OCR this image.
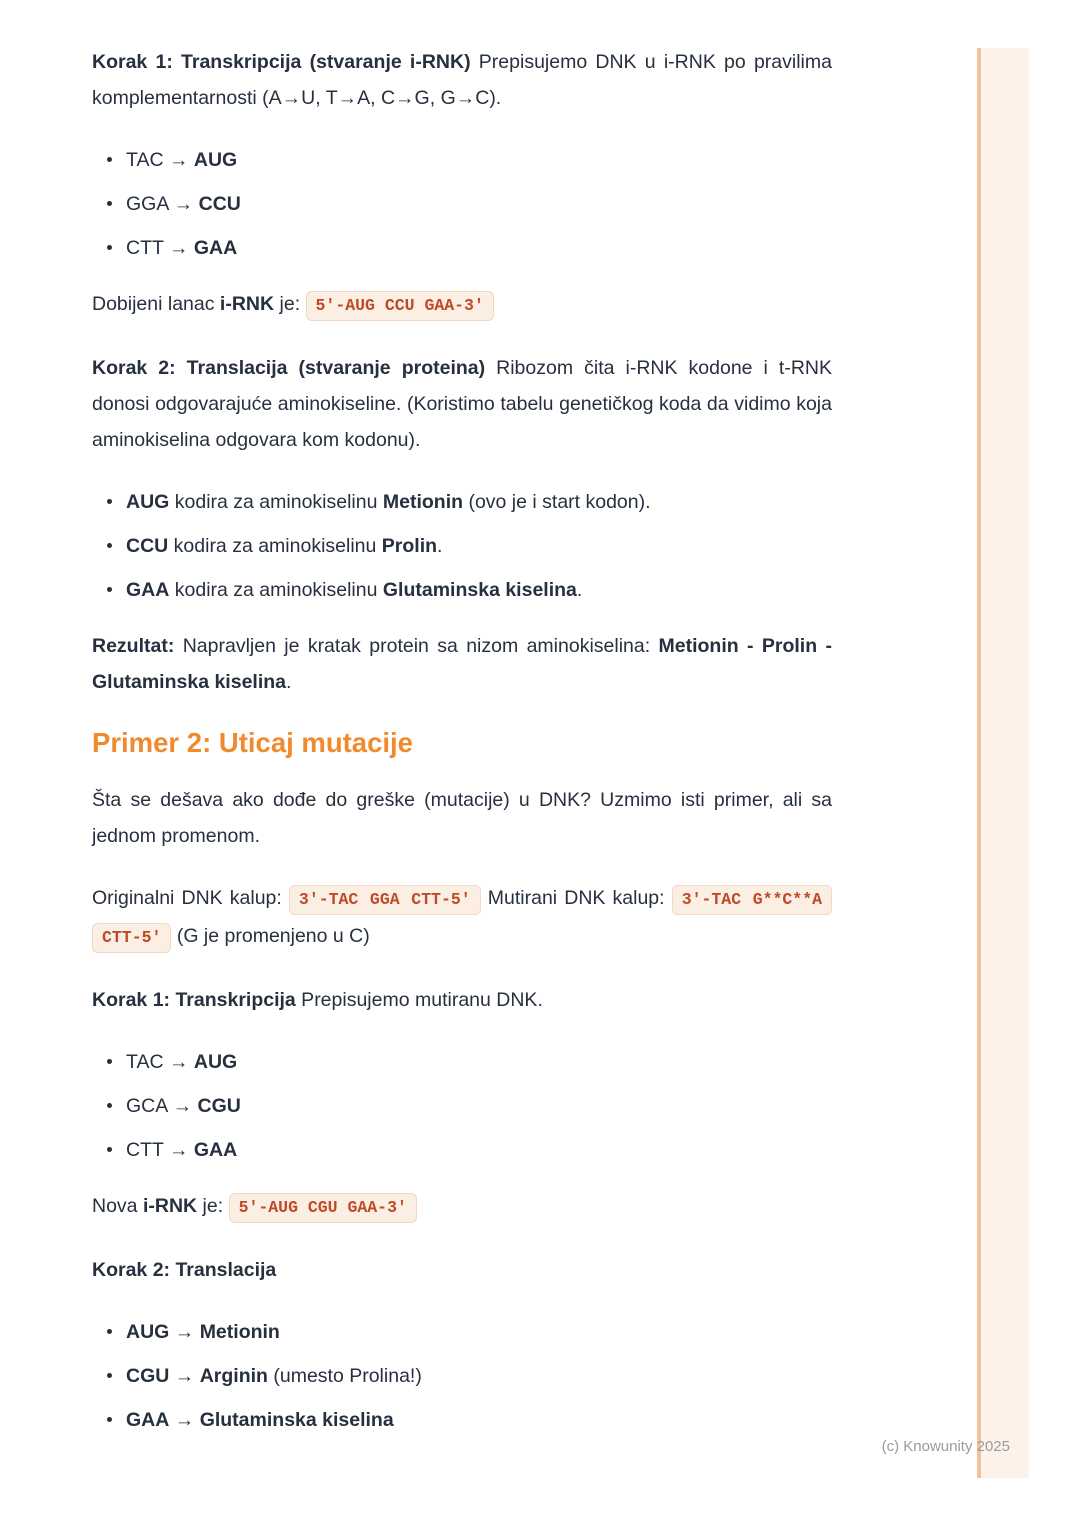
Korak 1: Transkripcija (stvaranje i-RNK) Prepisujemo DNK u i-RNK po pravilima komplementarnosti (A→U, T→A, C→G, G→C).

TAC → AUG
GGA → CCU
CTT → GAA

Dobijeni lanac i-RNK je: 5'-AUG CCU GAA-3'

Korak 2: Translacija (stvaranje proteina) Ribozom čita i-RNK kodone i t-RNK donosi odgovarajuće aminokiseline. (Koristimo tabelu genetičkog koda da vidimo koja aminokiselina odgovara kom kodonu).

AUG kodira za aminokiselinu Metionin (ovo je i start kodon).
CCU kodira za aminokiselinu Prolin.
GAA kodira za aminokiselinu Glutaminska kiselina.

Rezultat: Napravljen je kratak protein sa nizom aminokiselina: Metionin - Prolin - Glutaminska kiselina.

Primer 2: Uticaj mutacije

Šta se dešava ako dođe do greške (mutacije) u DNK? Uzmimo isti primer, ali sa jednom promenom.

Originalni DNK kalup: 3'-TAC GGA CTT-5' Mutirani DNK kalup: 3'-TAC G**C**A CTT-5' (G je promenjeno u C)

Korak 1: Transkripcija Prepisujemo mutiranu DNK.

TAC → AUG
GCA → CGU
CTT → GAA

Nova i-RNK je: 5'-AUG CGU GAA-3'

Korak 2: Translacija

AUG → Metionin
CGU → Arginin (umesto Prolina!)
GAA → Glutaminska kiselina
(c) Knowunity 2025
